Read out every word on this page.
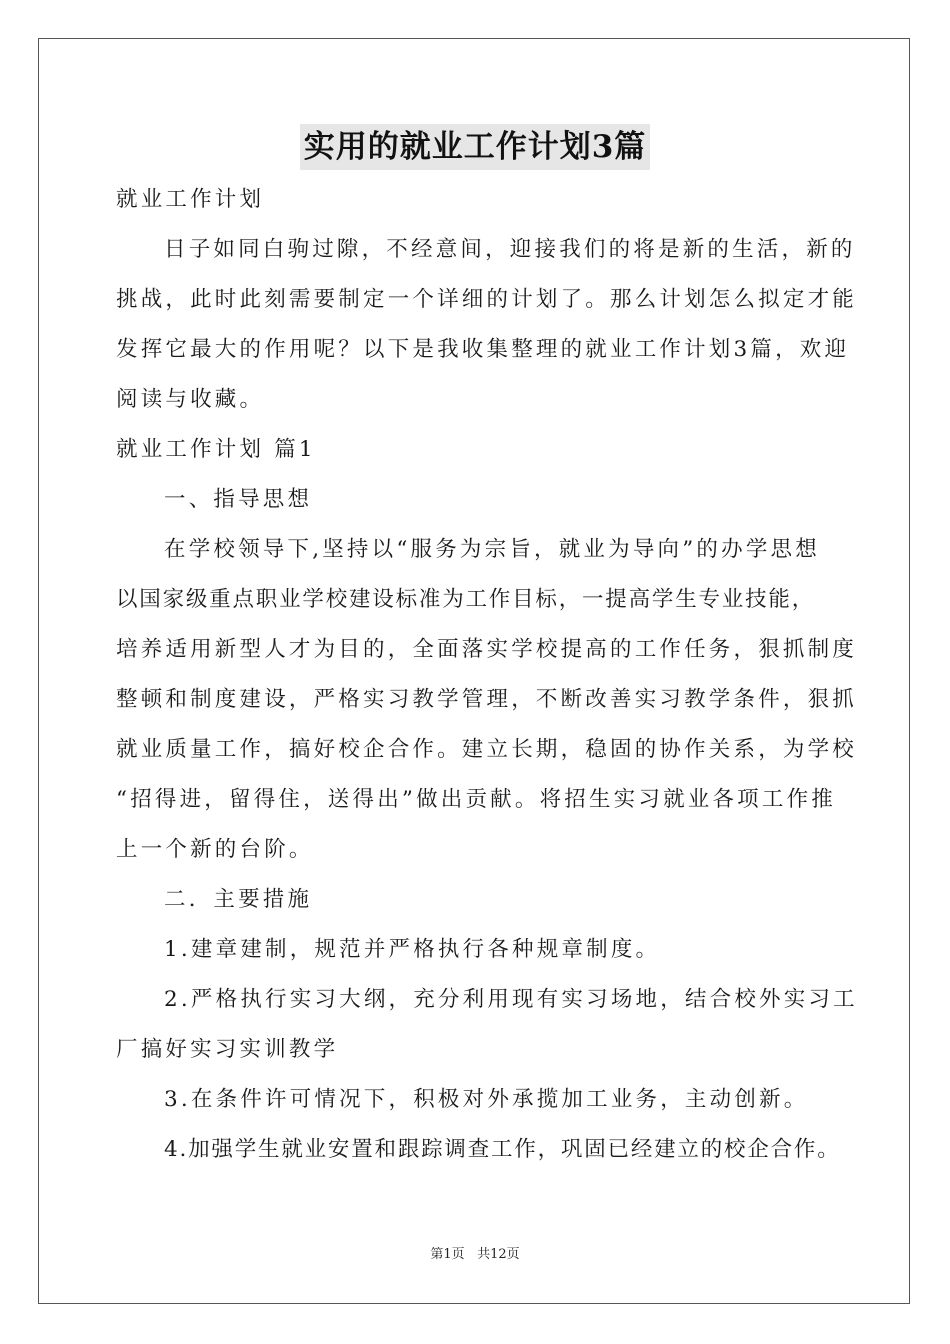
实用的就业工作计划3篇
就业工作计划
日子如同白驹过隙，不经意间，迎接我们的将是新的生活，新的
挑战，此时此刻需要制定一个详细的计划了。那么计划怎么拟定才能
发挥它最大的作用呢？以下是我收集整理的就业工作计划3篇，欢迎
阅读与收藏。
就业工作计划 篇1
一、指导思想
在学校领导下,坚持以“服务为宗旨，就业为导向”的办学思想
以国家级重点职业学校建设标准为工作目标，一提高学生专业技能，
培养适用新型人才为目的，全面落实学校提高的工作任务，狠抓制度
整顿和制度建设，严格实习教学管理，不断改善实习教学条件，狠抓
就业质量工作，搞好校企合作。建立长期，稳固的协作关系，为学校
“招得进，留得住，送得出”做出贡献。将招生实习就业各项工作推
上一个新的台阶。
二．主要措施
1.建章建制，规范并严格执行各种规章制度。
2.严格执行实习大纲，充分利用现有实习场地，结合校外实习工
厂搞好实习实训教学
3.在条件许可情况下，积极对外承揽加工业务，主动创新。
4.加强学生就业安置和跟踪调查工作，巩固已经建立的校企合作。
第1页 共12页
